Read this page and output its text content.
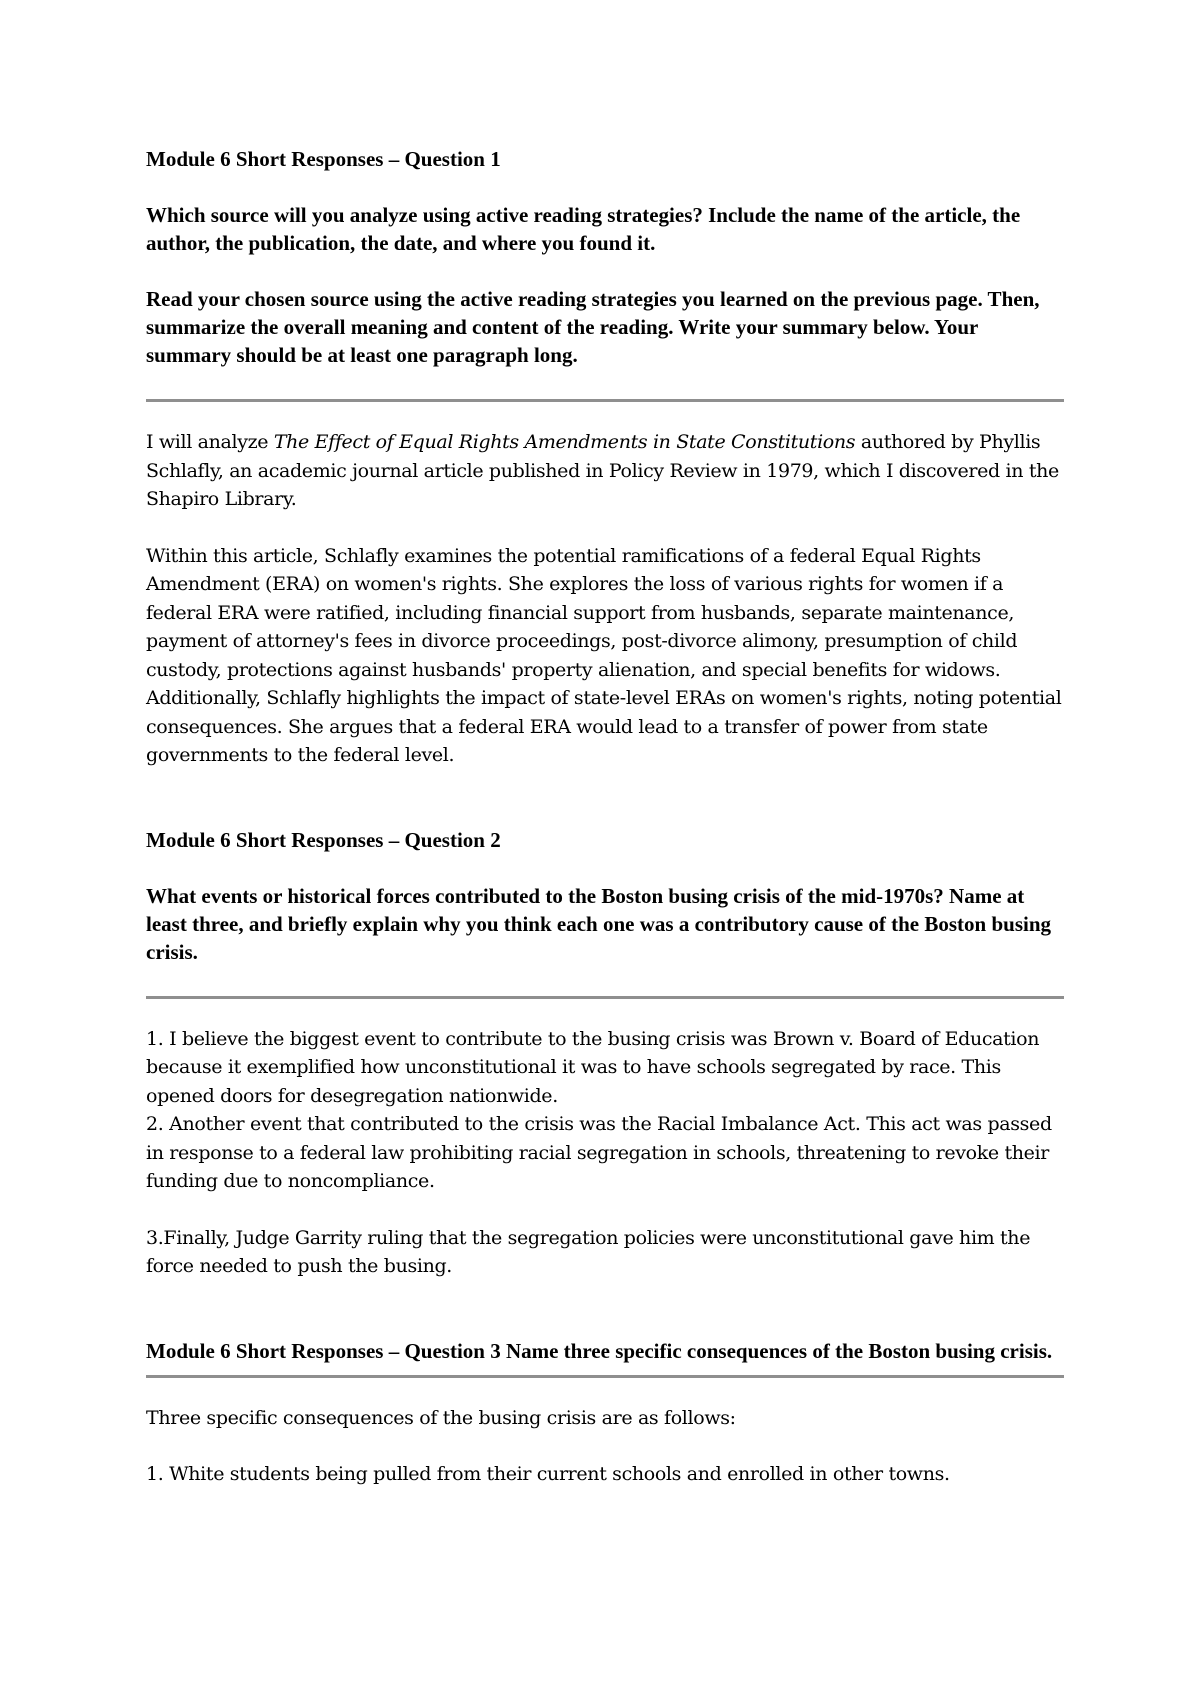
Module 6 Short Responses – Question 1

Which source will you analyze using active reading strategies? Include the name of the article, the author, the publication, the date, and where you found it.

Read your chosen source using the active reading strategies you learned on the previous page. Then, summarize the overall meaning and content of the reading. Write your summary below. Your summary should be at least one paragraph long.

I will analyze The Effect of Equal Rights Amendments in State Constitutions authored by Phyllis Schlafly, an academic journal article published in Policy Review in 1979, which I discovered in the Shapiro Library.

Within this article, Schlafly examines the potential ramifications of a federal Equal Rights Amendment (ERA) on women's rights. She explores the loss of various rights for women if a federal ERA were ratified, including financial support from husbands, separate maintenance, payment of attorney's fees in divorce proceedings, post-divorce alimony, presumption of child custody, protections against husbands' property alienation, and special benefits for widows. Additionally, Schlafly highlights the impact of state-level ERAs on women's rights, noting potential consequences. She argues that a federal ERA would lead to a transfer of power from state governments to the federal level.

Module 6 Short Responses – Question 2

What events or historical forces contributed to the Boston busing crisis of the mid-1970s? Name at least three, and briefly explain why you think each one was a contributory cause of the Boston busing crisis.

1. I believe the biggest event to contribute to the busing crisis was Brown v. Board of Education because it exemplified how unconstitutional it was to have schools segregated by race. This opened doors for desegregation nationwide.

2. Another event that contributed to the crisis was the Racial Imbalance Act. This act was passed in response to a federal law prohibiting racial segregation in schools, threatening to revoke their funding due to noncompliance.

3.Finally, Judge Garrity ruling that the segregation policies were unconstitutional gave him the force needed to push the busing.

Module 6 Short Responses – Question 3 Name three specific consequences of the Boston busing crisis.

Three specific consequences of the busing crisis are as follows:

1. White students being pulled from their current schools and enrolled in other towns.
